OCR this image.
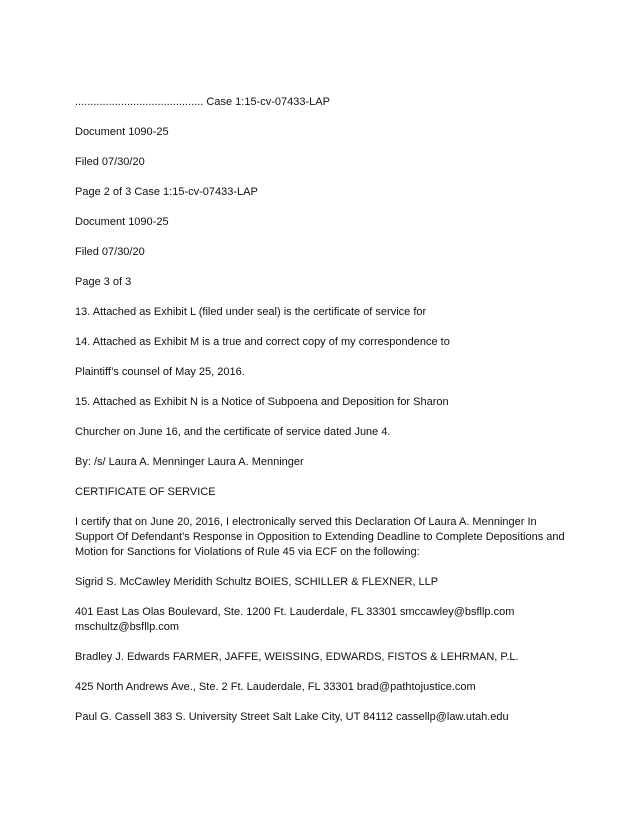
.......................................... Case 1:15-cv-07433-LAP

Document 1090-25

Filed 07/30/20

Page 2 of 3 Case 1:15-cv-07433-LAP

Document 1090-25

Filed 07/30/20

Page 3 of 3

13. Attached as Exhibit L (filed under seal) is the certificate of service for

14. Attached as Exhibit M is a true and correct copy of my correspondence to

Plaintiff’s counsel of May 25, 2016.

15. Attached as Exhibit N is a Notice of Subpoena and Deposition for Sharon

Churcher on June 16, and the certificate of service dated June 4.

By: /s/ Laura A. Menninger Laura A. Menninger

CERTIFICATE OF SERVICE

I certify that on June 20, 2016, I electronically served this Declaration Of Laura A. Menninger In Support Of Defendant’s Response in Opposition to Extending Deadline to Complete Depositions and Motion for Sanctions for Violations of Rule 45 via ECF on the following:

Sigrid S. McCawley Meridith Schultz BOIES, SCHILLER & FLEXNER, LLP

401 East Las Olas Boulevard, Ste. 1200 Ft. Lauderdale, FL 33301 smccawley@bsfllp.com mschultz@bsfllp.com

Bradley J. Edwards FARMER, JAFFE, WEISSING, EDWARDS, FISTOS & LEHRMAN, P.L.

425 North Andrews Ave., Ste. 2 Ft. Lauderdale, FL 33301 brad@pathtojustice.com

Paul G. Cassell 383 S. University Street Salt Lake City, UT 84112 cassellp@law.utah.edu
